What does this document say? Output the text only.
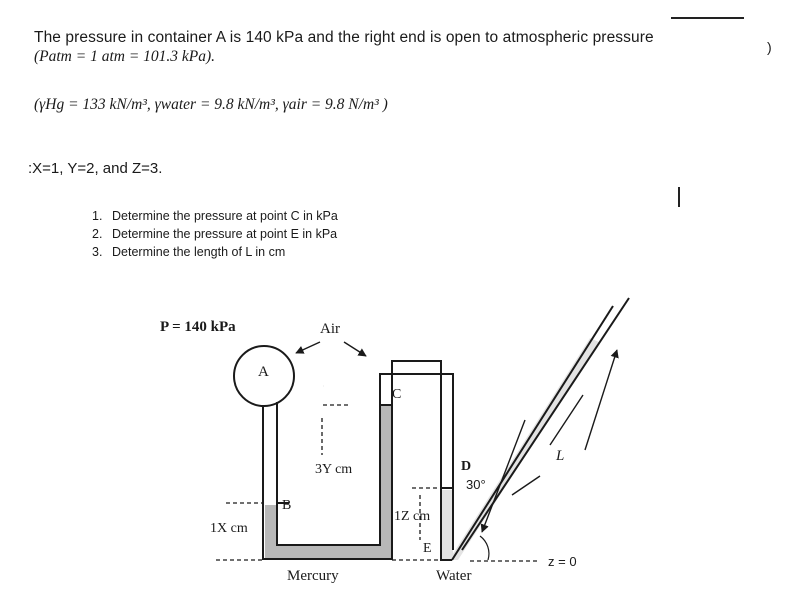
The pressure in container A is 140 kPa and the right end is open to atmospheric pressure

)

(Patm = 1 atm = 101.3 kPa).

(γHg = 133 kN/m³, γwater = 9.8 kN/m³, γair = 9.8 N/m³ )

:X=1, Y=2, and Z=3.

1. Determine the pressure at point C in kPa
2. Determine the pressure at point E in kPa
3. Determine the length of L in cm
P = 140 kPa	Air
A
B
C
D
E
3Y cm
1X cm
1Z cm
30°
L
z = 0
Mercury	Water
